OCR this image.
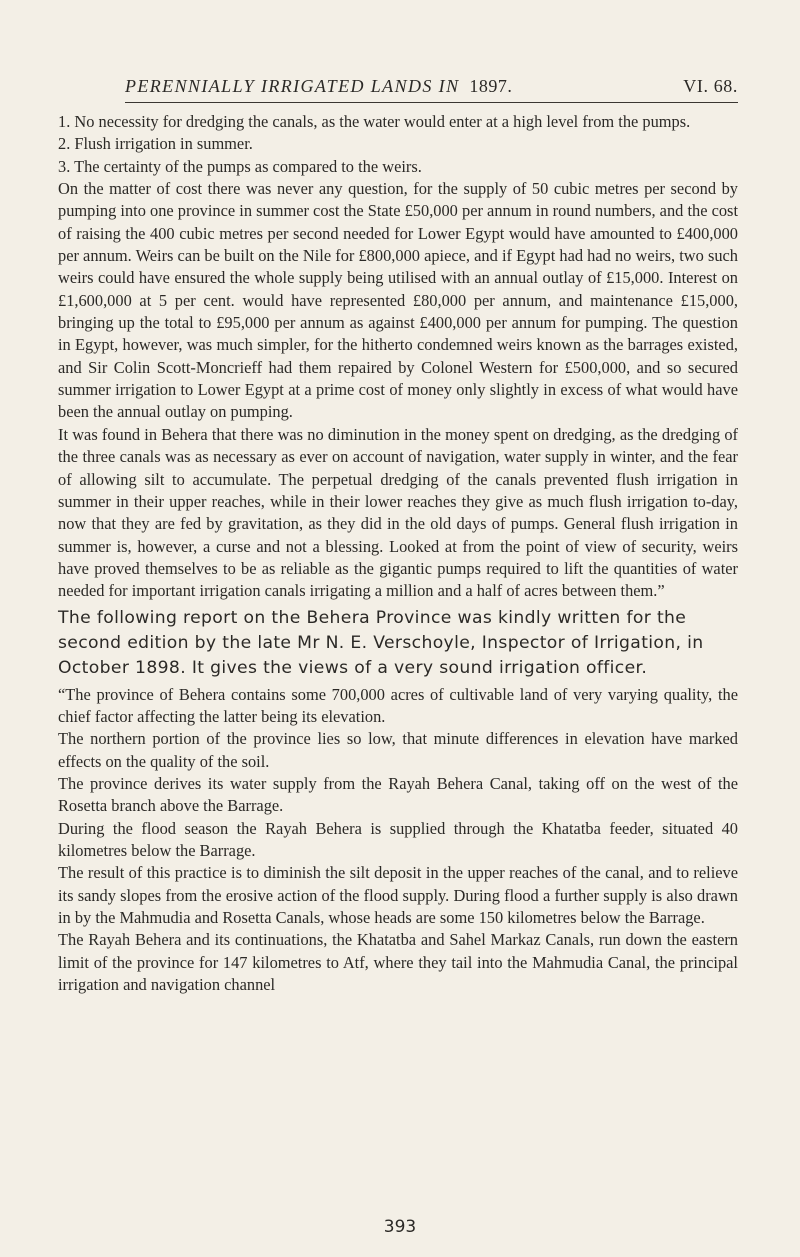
PERENNIALLY IRRIGATED LANDS IN 1897.	VI. 68.

1. No necessity for dredging the canals, as the water would enter at a high level from the pumps.

2. Flush irrigation in summer.

3. The certainty of the pumps as compared to the weirs.

On the matter of cost there was never any question, for the supply of 50 cubic metres per second by pumping into one province in summer cost the State £50,000 per annum in round numbers, and the cost of raising the 400 cubic metres per second needed for Lower Egypt would have amounted to £400,000 per annum. Weirs can be built on the Nile for £800,000 apiece, and if Egypt had had no weirs, two such weirs could have ensured the whole supply being utilised with an annual outlay of £15,000. Interest on £1,600,000 at 5 per cent. would have represented £80,000 per annum, and maintenance £15,000, bringing up the total to £95,000 per annum as against £400,000 per annum for pumping. The question in Egypt, however, was much simpler, for the hitherto condemned weirs known as the barrages existed, and Sir Colin Scott-Moncrieff had them repaired by Colonel Western for £500,000, and so secured summer irrigation to Lower Egypt at a prime cost of money only slightly in excess of what would have been the annual outlay on pumping.

It was found in Behera that there was no diminution in the money spent on dredging, as the dredging of the three canals was as necessary as ever on account of navigation, water supply in winter, and the fear of allowing silt to accumulate. The perpetual dredging of the canals prevented flush irrigation in summer in their upper reaches, while in their lower reaches they give as much flush irrigation to-day, now that they are fed by gravitation, as they did in the old days of pumps. General flush irrigation in summer is, however, a curse and not a blessing. Looked at from the point of view of security, weirs have proved themselves to be as reliable as the gigantic pumps required to lift the quantities of water needed for important irrigation canals irrigating a million and a half of acres between them.”

The following report on the Behera Province was kindly written for the second edition by the late Mr N. E. Verschoyle, Inspector of Irrigation, in October 1898. It gives the views of a very sound irrigation officer.

“The province of Behera contains some 700,000 acres of cultivable land of very varying quality, the chief factor affecting the latter being its elevation.

The northern portion of the province lies so low, that minute differences in elevation have marked effects on the quality of the soil.

The province derives its water supply from the Rayah Behera Canal, taking off on the west of the Rosetta branch above the Barrage.

During the flood season the Rayah Behera is supplied through the Khatatba feeder, situated 40 kilometres below the Barrage.

The result of this practice is to diminish the silt deposit in the upper reaches of the canal, and to relieve its sandy slopes from the erosive action of the flood supply. During flood a further supply is also drawn in by the Mahmudia and Rosetta Canals, whose heads are some 150 kilometres below the Barrage.

The Rayah Behera and its continuations, the Khatatba and Sahel Markaz Canals, run down the eastern limit of the province for 147 kilometres to Atf, where they tail into the Mahmudia Canal, the principal irrigation and navigation channel

393
